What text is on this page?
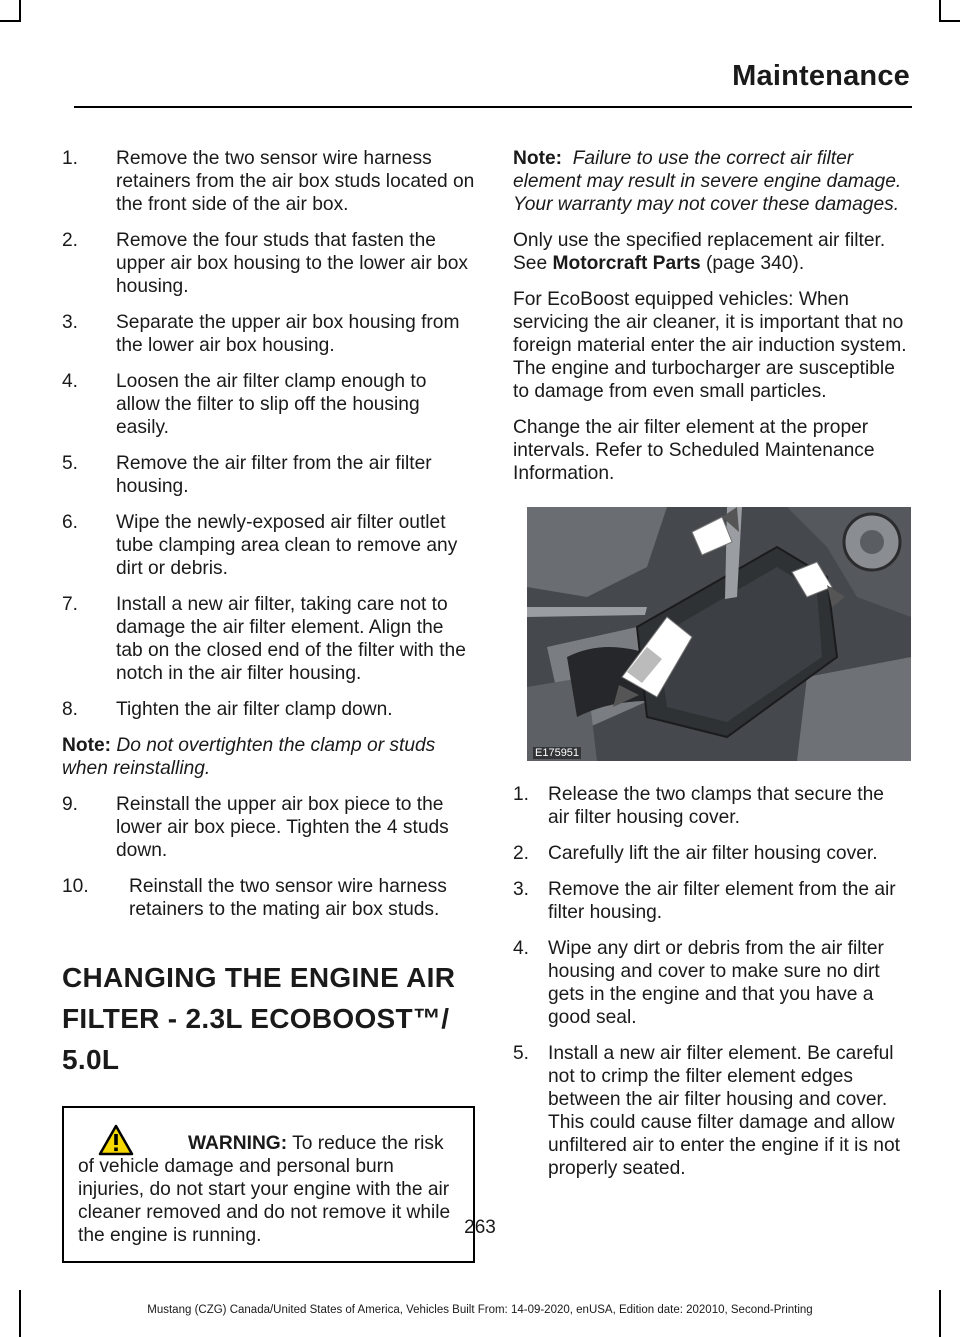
Maintenance
1. Remove the two sensor wire harness retainers from the air box studs located on the front side of the air box.
2. Remove the four studs that fasten the upper air box housing to the lower air box housing.
3. Separate the upper air box housing from the lower air box housing.
4. Loosen the air filter clamp enough to allow the filter to slip off the housing easily.
5. Remove the air filter from the air filter housing.
6. Wipe the newly-exposed air filter outlet tube clamping area clean to remove any dirt or debris.
7. Install a new air filter, taking care not to damage the air filter element. Align the tab on the closed end of the filter with the notch in the air filter housing.
8. Tighten the air filter clamp down.

Note: Do not overtighten the clamp or studs when reinstalling.

9. Reinstall the upper air box piece to the lower air box piece. Tighten the 4 studs down.
10. Reinstall the two sensor wire harness retainers to the mating air box studs.
CHANGING THE ENGINE AIR FILTER - 2.3L ECOBOOST™/ 5.0L
WARNING: To reduce the risk of vehicle damage and personal burn injuries, do not start your engine with the air cleaner removed and do not remove it while the engine is running.

Note: Failure to use the correct air filter element may result in severe engine damage. Your warranty may not cover these damages.

Only use the specified replacement air filter. See Motorcraft Parts (page 340).

For EcoBoost equipped vehicles: When servicing the air cleaner, it is important that no foreign material enter the air induction system. The engine and turbocharger are susceptible to damage from even small particles.

Change the air filter element at the proper intervals. Refer to Scheduled Maintenance Information.

E175951
1. Release the two clamps that secure the air filter housing cover.
2. Carefully lift the air filter housing cover.
3. Remove the air filter element from the air filter housing.
4. Wipe any dirt or debris from the air filter housing and cover to make sure no dirt gets in the engine and that you have a good seal.
5. Install a new air filter element. Be careful not to crimp the filter element edges between the air filter housing and cover. This could cause filter damage and allow unfiltered air to enter the engine if it is not properly seated.
263
Mustang (CZG) Canada/United States of America, Vehicles Built From: 14-09-2020, enUSA, Edition date: 202010, Second-Printing
